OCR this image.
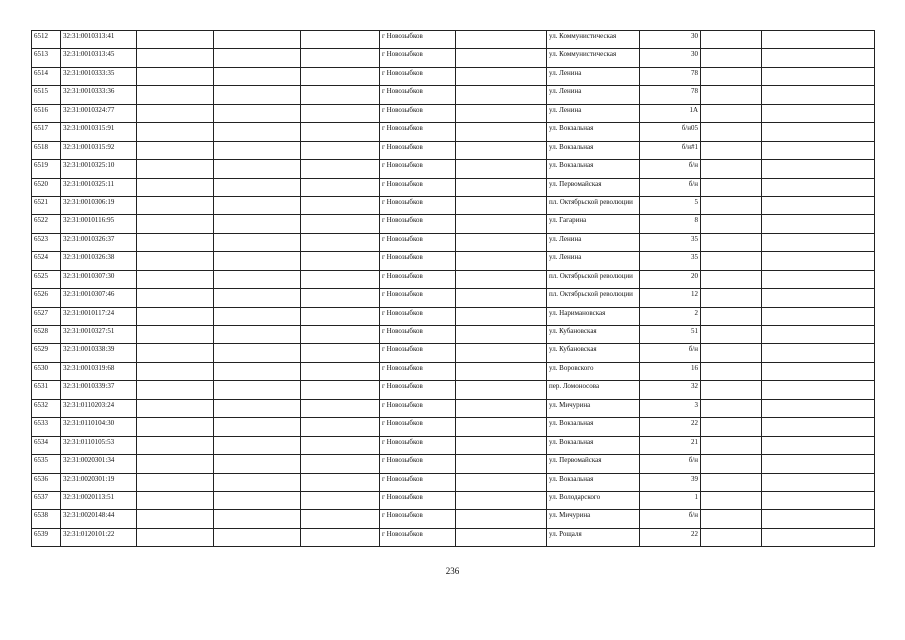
6512	32:31:0010313:41				г Новозыбков		ул. Коммунистическая	30		
6513	32:31:0010313:45				г Новозыбков		ул. Коммунистическая	30		
6514	32:31:0010333:35				г Новозыбков		ул. Ленина	78		
6515	32:31:0010333:36				г Новозыбков		ул. Ленина	78		
6516	32:31:0010324:77				г Новозыбков		ул. Ленина	1А		
6517	32:31:0010315:91				г Новозыбков		ул. Вокзальная	б/н05		
6518	32:31:0010315:92				г Новозыбков		ул. Вокзальная	б/н#1		
6519	32:31:0010325:10				г Новозыбков		ул. Вокзальная	б/н		
6520	32:31:0010325:11				г Новозыбков		ул. Первомайская	б/н		
6521	32:31:0010306:19				г Новозыбков		пл. Октябрьской революции	5		
6522	32:31:0010116:95				г Новозыбков		ул. Гагарина	8		
6523	32:31:0010326:37				г Новозыбков		ул. Ленина	35		
6524	32:31:0010326:38				г Новозыбков		ул. Ленина	35		
6525	32:31:0010307:30				г Новозыбков		пл. Октябрьской революции	20		
6526	32:31:0010307:46				г Новозыбков		пл. Октябрьской революции	12		
6527	32:31:0010117:24				г Новозыбков		ул. Наримановская	2		
6528	32:31:0010327:51				г Новозыбков		ул. Кубановская	51		
6529	32:31:0010338:39				г Новозыбков		ул. Кубановская	б/н		
6530	32:31:0010319:68				г Новозыбков		ул. Воровского	16		
6531	32:31:0010339:37				г Новозыбков		пер. Ломоносова	32		
6532	32:31:0110203:24				г Новозыбков		ул. Мичурина	3		
6533	32:31:0110104:30				г Новозыбков		ул. Вокзальная	22		
6534	32:31:0110105:53				г Новозыбков		ул. Вокзальная	21		
6535	32:31:0020301:34				г Новозыбков		ул. Первомайская	б/н		
6536	32:31:0020301:19				г Новозыбков		ул. Вокзальная	39		
6537	32:31:0020113:51				г Новозыбков		ул. Володарского	1		
6538	32:31:0020148:44				г Новозыбков		ул. Мичурина	б/н		
6539	32:31:0120101:22				г Новозыбков		ул. Рощаля	22		
236
